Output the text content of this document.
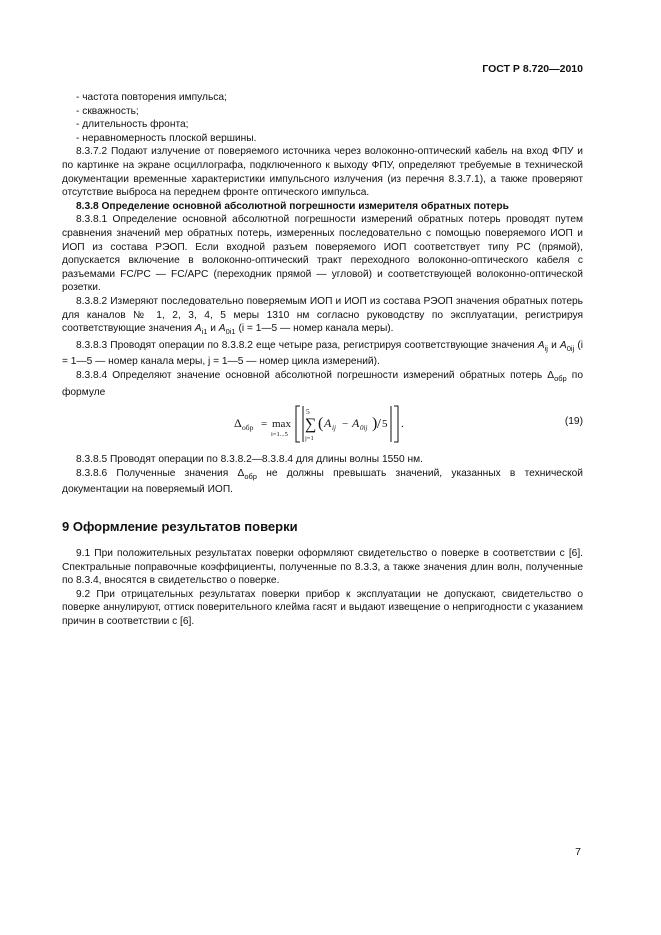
ГОСТ Р 8.720—2010

- частота повторения импульса;

- скважность;

- длительность фронта;

- неравномерность плоской вершины.

8.3.7.2 Подают излучение от поверяемого источника через волоконно-оптический кабель на вход ФПУ и по картинке на экране осциллографа, подключенного к выходу ФПУ, определяют требуемые в технической документации временные характеристики импульсного излучения (из перечня 8.3.7.1), а также проверяют отсутствие выброса на переднем фронте оптического импульса.

8.3.8 Определение основной абсолютной погрешности измерителя обратных потерь

8.3.8.1 Определение основной абсолютной погрешности измерений обратных потерь проводят путем сравнения значений мер обратных потерь, измеренных последовательно с помощью поверяемого ИОП и ИОП из состава РЭОП. Если входной разъем поверяемого ИОП соответствует типу PC (прямой), допускается включение в волоконно-оптический тракт переходного волоконно-оптического кабеля с разъемами FC/PC — FC/APC (переходник прямой — угловой) и соответствующей волоконно-оптической розетки.

8.3.8.2 Измеряют последовательно поверяемым ИОП и ИОП из состава РЭОП значения обратных потерь для каналов № 1, 2, 3, 4, 5 меры 1310 нм согласно руководству по эксплуатации, регистрируя соответствующие значения $A_{i1}$ и $A_{0i1}$ (i = 1—5 — номер канала меры).

8.3.8.3 Проводят операции по 8.3.8.2 еще четыре раза, регистрируя соответствующие значения $A_{ij}$ и $A_{0ij}$ (i = 1—5 — номер канала меры, j = 1—5 — номер цикла измерений).

8.3.8.4 Определяют значение основной абсолютной погрешности измерений обратных потерь $\Delta_{обр}$ по формуле

Δ обр = max
i=1...5
5
∑
j=1
( A ij − A 0ij ) / 5 .	(19)

8.3.8.5 Проводят операции по 8.3.8.2—8.3.8.4 для длины волны 1550 нм.

8.3.8.6 Полученные значения $\Delta_{обр}$ не должны превышать значений, указанных в технической документации на поверяемый ИОП.

9 Оформление результатов поверки

9.1 При положительных результатах поверки оформляют свидетельство о поверке в соответствии с [6]. Спектральные поправочные коэффициенты, полученные по 8.3.3, а также значения длин волн, полученные по 8.3.4, вносятся в свидетельство о поверке.

9.2 При отрицательных результатах поверки прибор к эксплуатации не допускают, свидетельство о поверке аннулируют, оттиск поверительного клейма гасят и выдают извещение о непригодности с указанием причин в соответствии с [6].

7
